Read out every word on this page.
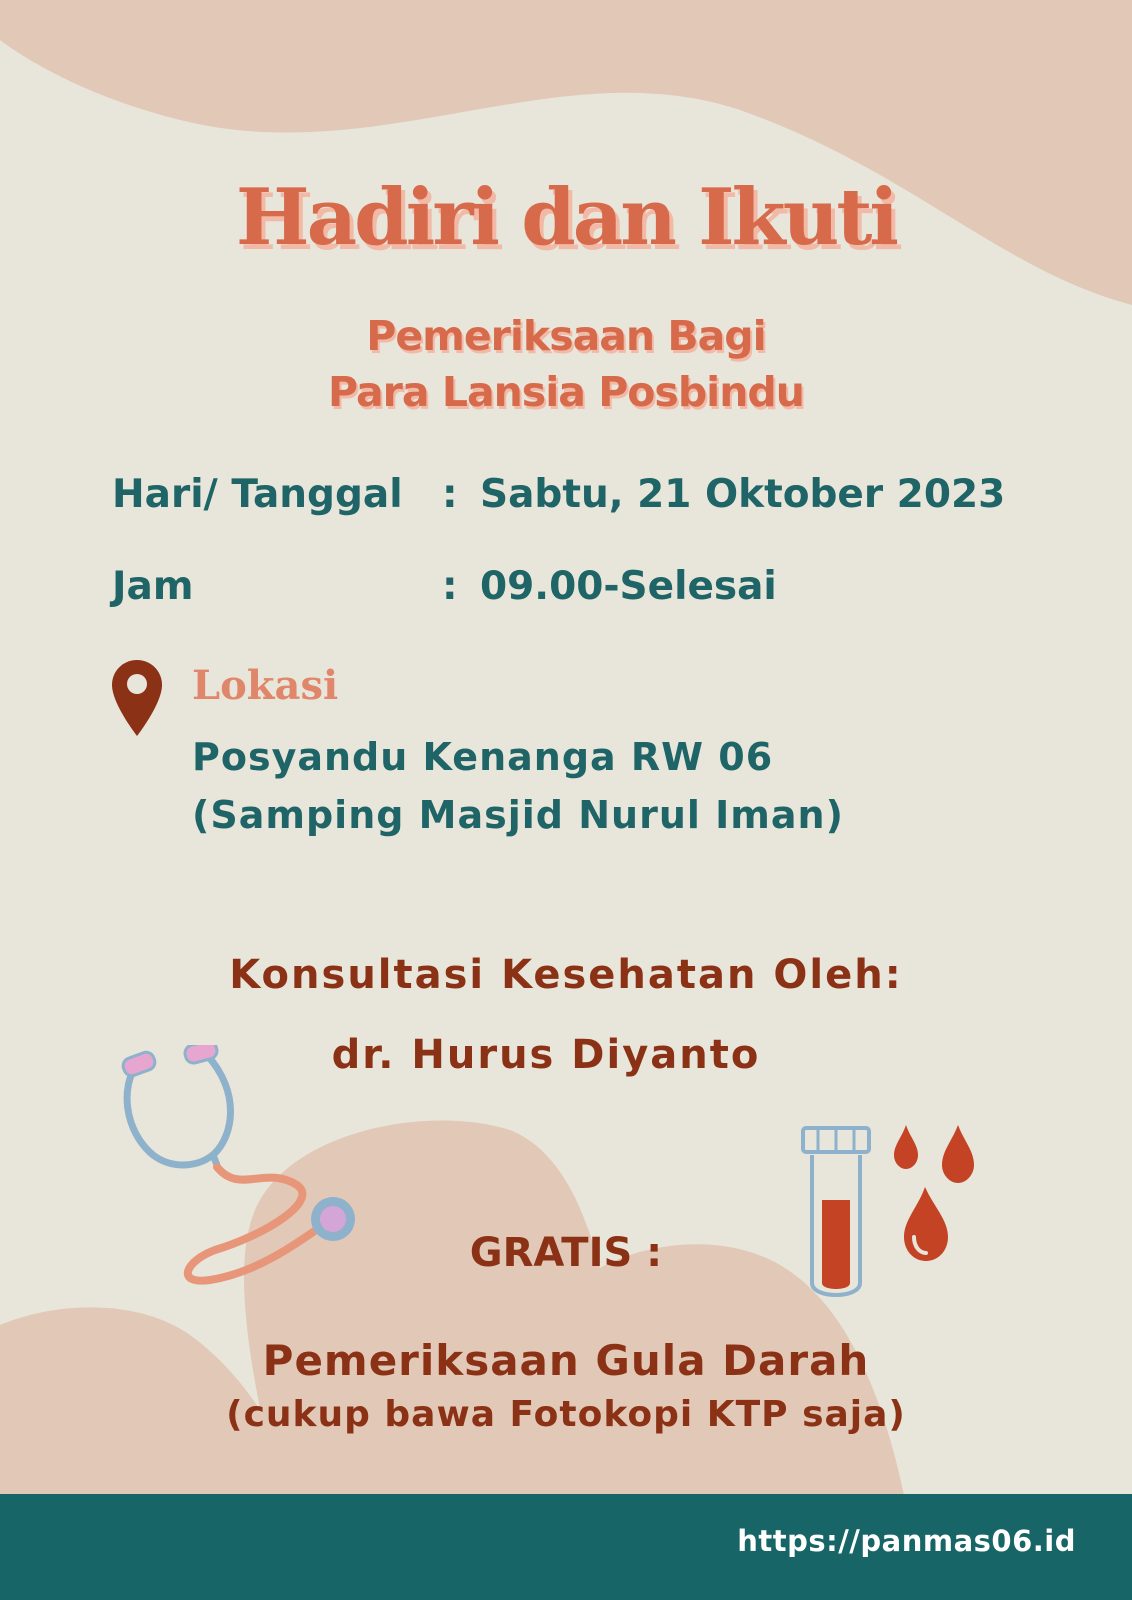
Hadiri dan Ikuti
Pemeriksaan Bagi
Para Lansia Posbindu
Hari/ Tanggal : Sabtu, 21 Oktober 2023
Jam	: 09.00-Selesai
Lokasi
Posyandu Kenanga RW 06
(Samping Masjid Nurul Iman)
Konsultasi Kesehatan Oleh:
dr. Hurus Diyanto
GRATIS :
Pemeriksaan Gula Darah
(cukup bawa Fotokopi KTP saja)
https://panmas06.id
